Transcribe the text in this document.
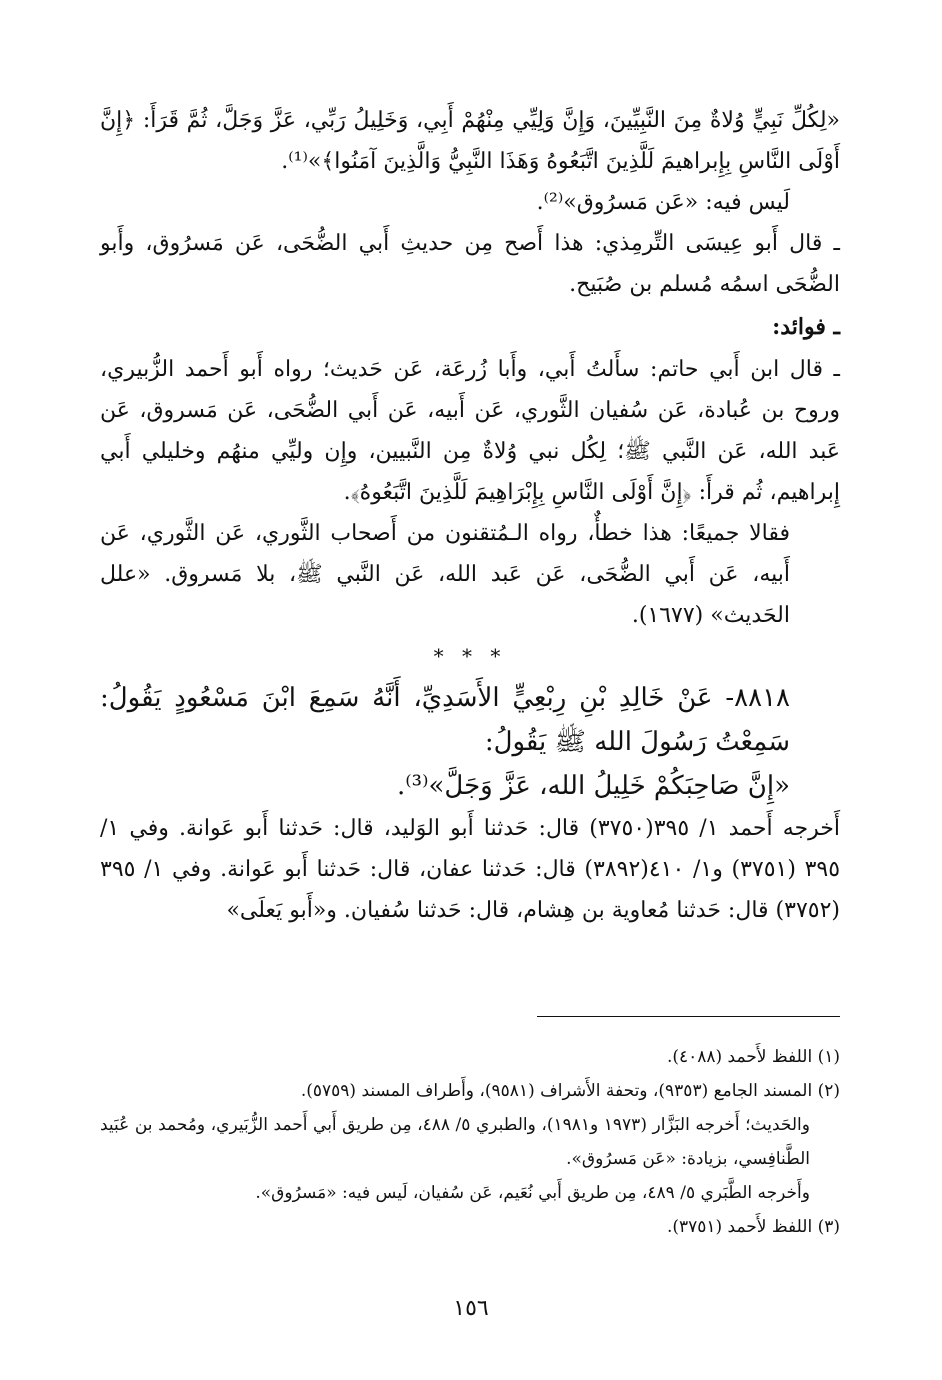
«لِكُلِّ نَبِيٍّ وُلاةٌ مِنَ النَّبِيِّينَ، وَإِنَّ وَلِيِّي مِنْهُمْ أَبِي، وَخَلِيلُ رَبِّي، عَزَّ وَجَلَّ، ثُمَّ قَرَأَ: ﴿إِنَّ أَوْلَى النَّاسِ بِإِبراهيمَ لَلَّذِينَ اتَّبَعُوهُ وَهَذَا النَّبِيُّ وَالَّذِينَ آمَنُوا﴾»⁽¹⁾.

لَيس فيه: «عَن مَسرُوق»⁽²⁾.

ـ قال أَبو عِيسَى التِّرمِذي: هذا أَصح مِن حديثِ أَبي الضُّحَى، عَن مَسرُوق، وأَبو الضُّحَى اسمُه مُسلم بن صُبَيح.

ـ فوائد:

ـ قال ابن أَبي حاتم: سأَلتُ أَبي، وأَبا زُرعَة، عَن حَديث؛ رواه أَبو أَحمد الزُّبيري، وروح بن عُبادة، عَن سُفيان الثَّوري، عَن أَبيه، عَن أَبي الضُّحَى، عَن مَسروق، عَن عَبد الله، عَن النَّبي ﷺ؛ لِكُل نبي وُلاةٌ مِن النَّبيين، وإِن وليِّي منهُم وخليلي أَبي إِبراهيم، ثُم قرأَ: ﴿إِنَّ أَوْلَى النَّاسِ بِإِبْرَاهِيمَ لَلَّذِينَ اتَّبَعُوهُ﴾.

فقالا جميعًا: هذا خطأٌ، رواه الـمُتقنون من أَصحاب الثَّوري، عَن الثَّوري، عَن أَبيه، عَن أَبي الضُّحَى، عَن عَبد الله، عَن النَّبي ﷺ، بلا مَسروق. «علل الحَديث» (١٦٧٧).

* * *

٨٨١٨- عَنْ خَالِدِ بْنِ رِبْعِيٍّ الأَسَدِيِّ، أَنَّهُ سَمِعَ ابْنَ مَسْعُودٍ يَقُولُ: سَمِعْتُ رَسُولَ الله ﷺ يَقُولُ:

«إِنَّ صَاحِبَكُمْ خَلِيلُ الله، عَزَّ وَجَلَّ»⁽³⁾.

أَخرجه أَحمد ١/ ٣٩٥(٣٧٥٠) قال: حَدثنا أَبو الوَليد، قال: حَدثنا أَبو عَوانة. وفي ١/ ٣٩٥ (٣٧٥١) و١/ ٤١٠(٣٨٩٢) قال: حَدثنا عفان، قال: حَدثنا أَبو عَوانة. وفي ١/ ٣٩٥ (٣٧٥٢) قال: حَدثنا مُعاوية بن هِشام، قال: حَدثنا سُفيان. و«أَبو يَعلَى»

(١) اللفظ لأَحمد (٤٠٨٨).

(٢) المسند الجامع (٩٣٥٣)، وتحفة الأَشراف (٩٥٨١)، وأَطراف المسند (٥٧٥٩).

والحَديث؛ أَخرجه البَزَّار (١٩٧٣ و١٩٨١)، والطبري ٥/ ٤٨٨، مِن طريق أَبي أَحمد الزُّبَيري، ومُحمد بن عُبَيد الطَّنافِسي، بزيادة: «عَن مَسرُوق».

وأَخرجه الطَّبَري ٥/ ٤٨٩، مِن طريق أَبي نُعَيم، عَن سُفيان، لَيس فيه: «مَسرُوق».

(٣) اللفظ لأَحمد (٣٧٥١).

١٥٦
